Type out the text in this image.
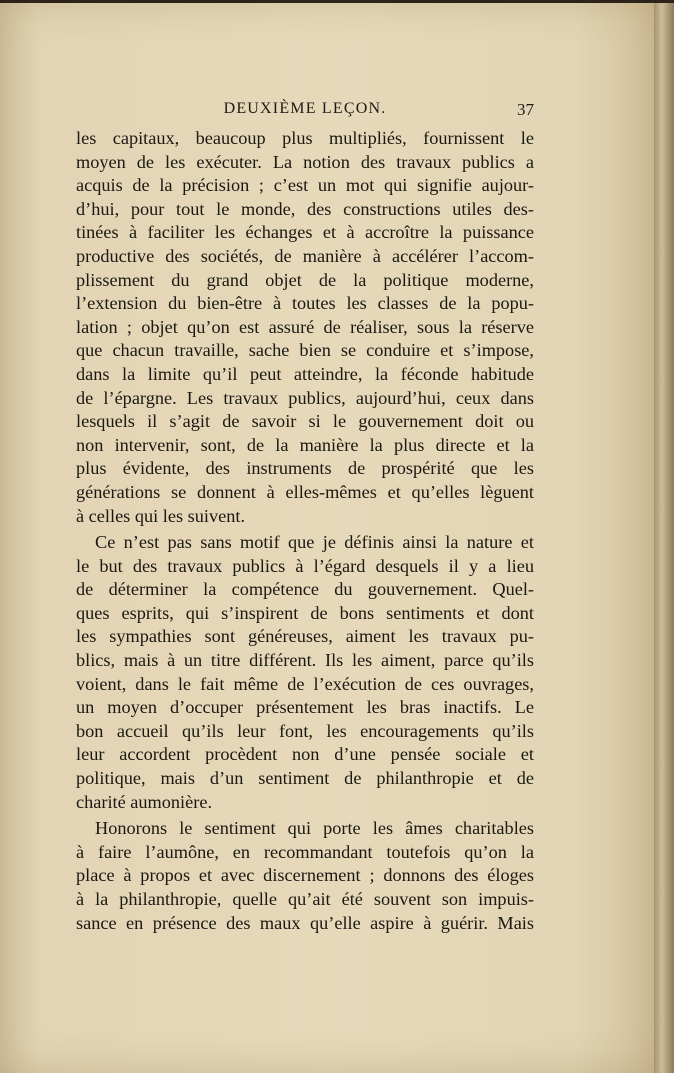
DEUXIÈME LEÇON.	37
les capitaux, beaucoup plus multipliés, fournissent le
moyen de les exécuter. La notion des travaux publics a
acquis de la précision ; c’est un mot qui signifie aujour-
d’hui, pour tout le monde, des constructions utiles des-
tinées à faciliter les échanges et à accroître la puissance
productive des sociétés, de manière à accélérer l’accom-
plissement du grand objet de la politique moderne,
l’extension du bien-être à toutes les classes de la popu-
lation ; objet qu’on est assuré de réaliser, sous la réserve
que chacun travaille, sache bien se conduire et s’impose,
dans la limite qu’il peut atteindre, la féconde habitude
de l’épargne. Les travaux publics, aujourd’hui, ceux dans
lesquels il s’agit de savoir si le gouvernement doit ou
non intervenir, sont, de la manière la plus directe et la
plus évidente, des instruments de prospérité que les
générations se donnent à elles-mêmes et qu’elles lèguent
à celles qui les suivent.
Ce n’est pas sans motif que je définis ainsi la nature et
le but des travaux publics à l’égard desquels il y a lieu
de déterminer la compétence du gouvernement. Quel-
ques esprits, qui s’inspirent de bons sentiments et dont
les sympathies sont généreuses, aiment les travaux pu-
blics, mais à un titre différent. Ils les aiment, parce qu’ils
voient, dans le fait même de l’exécution de ces ouvrages,
un moyen d’occuper présentement les bras inactifs. Le
bon accueil qu’ils leur font, les encouragements qu’ils
leur accordent procèdent non d’une pensée sociale et
politique, mais d’un sentiment de philanthropie et de
charité aumonière.
Honorons le sentiment qui porte les âmes charitables
à faire l’aumône, en recommandant toutefois qu’on la
place à propos et avec discernement ; donnons des éloges
à la philanthropie, quelle qu’ait été souvent son impuis-
sance en présence des maux qu’elle aspire à guérir. Mais
